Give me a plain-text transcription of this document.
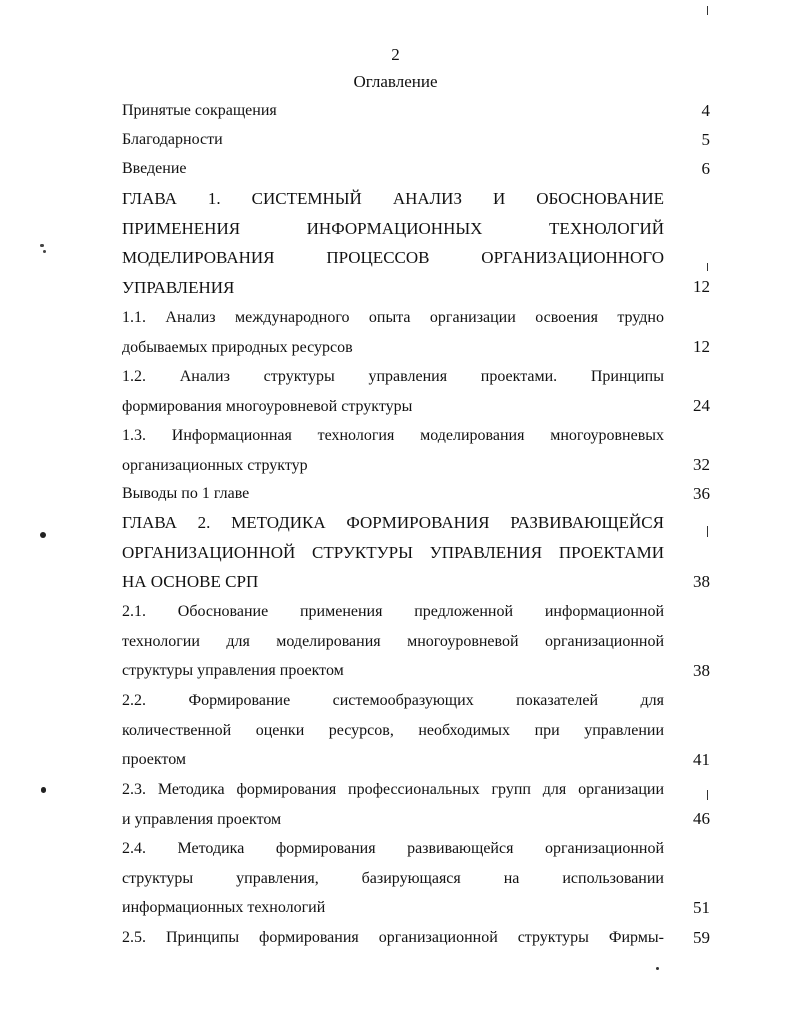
2
Оглавление
Принятые сокращения	4
Благодарности	5
Введение	6
ГЛАВА 1. СИСТЕМНЫЙ АНАЛИЗ И ОБОСНОВАНИЕ
ПРИМЕНЕНИЯ ИНФОРМАЦИОННЫХ ТЕХНОЛОГИЙ
МОДЕЛИРОВАНИЯ ПРОЦЕССОВ ОРГАНИЗАЦИОННОГО
УПРАВЛЕНИЯ	12
1.1. Анализ международного опыта организации освоения трудно
добываемых природных ресурсов	12
1.2. Анализ структуры управления проектами. Принципы
формирования многоуровневой структуры	24
1.3. Информационная технология моделирования многоуровневых
организационных структур	32
Выводы по 1 главе	36
ГЛАВА 2. МЕТОДИКА ФОРМИРОВАНИЯ РАЗВИВАЮЩЕЙСЯ
ОРГАНИЗАЦИОННОЙ СТРУКТУРЫ УПРАВЛЕНИЯ ПРОЕКТАМИ
НА ОСНОВЕ СРП	38
2.1. Обоснование применения предложенной информационной
технологии для моделирования многоуровневой организационной
структуры управления проектом	38
2.2. Формирование системообразующих показателей для
количественной оценки ресурсов, необходимых при управлении
проектом	41
2.3. Методика формирования профессиональных групп для организации
и управления проектом	46
2.4. Методика формирования развивающейся организационной
структуры управления, базирующаяся на использовании
информационных технологий	51
2.5. Принципы формирования организационной структуры Фирмы-	59
